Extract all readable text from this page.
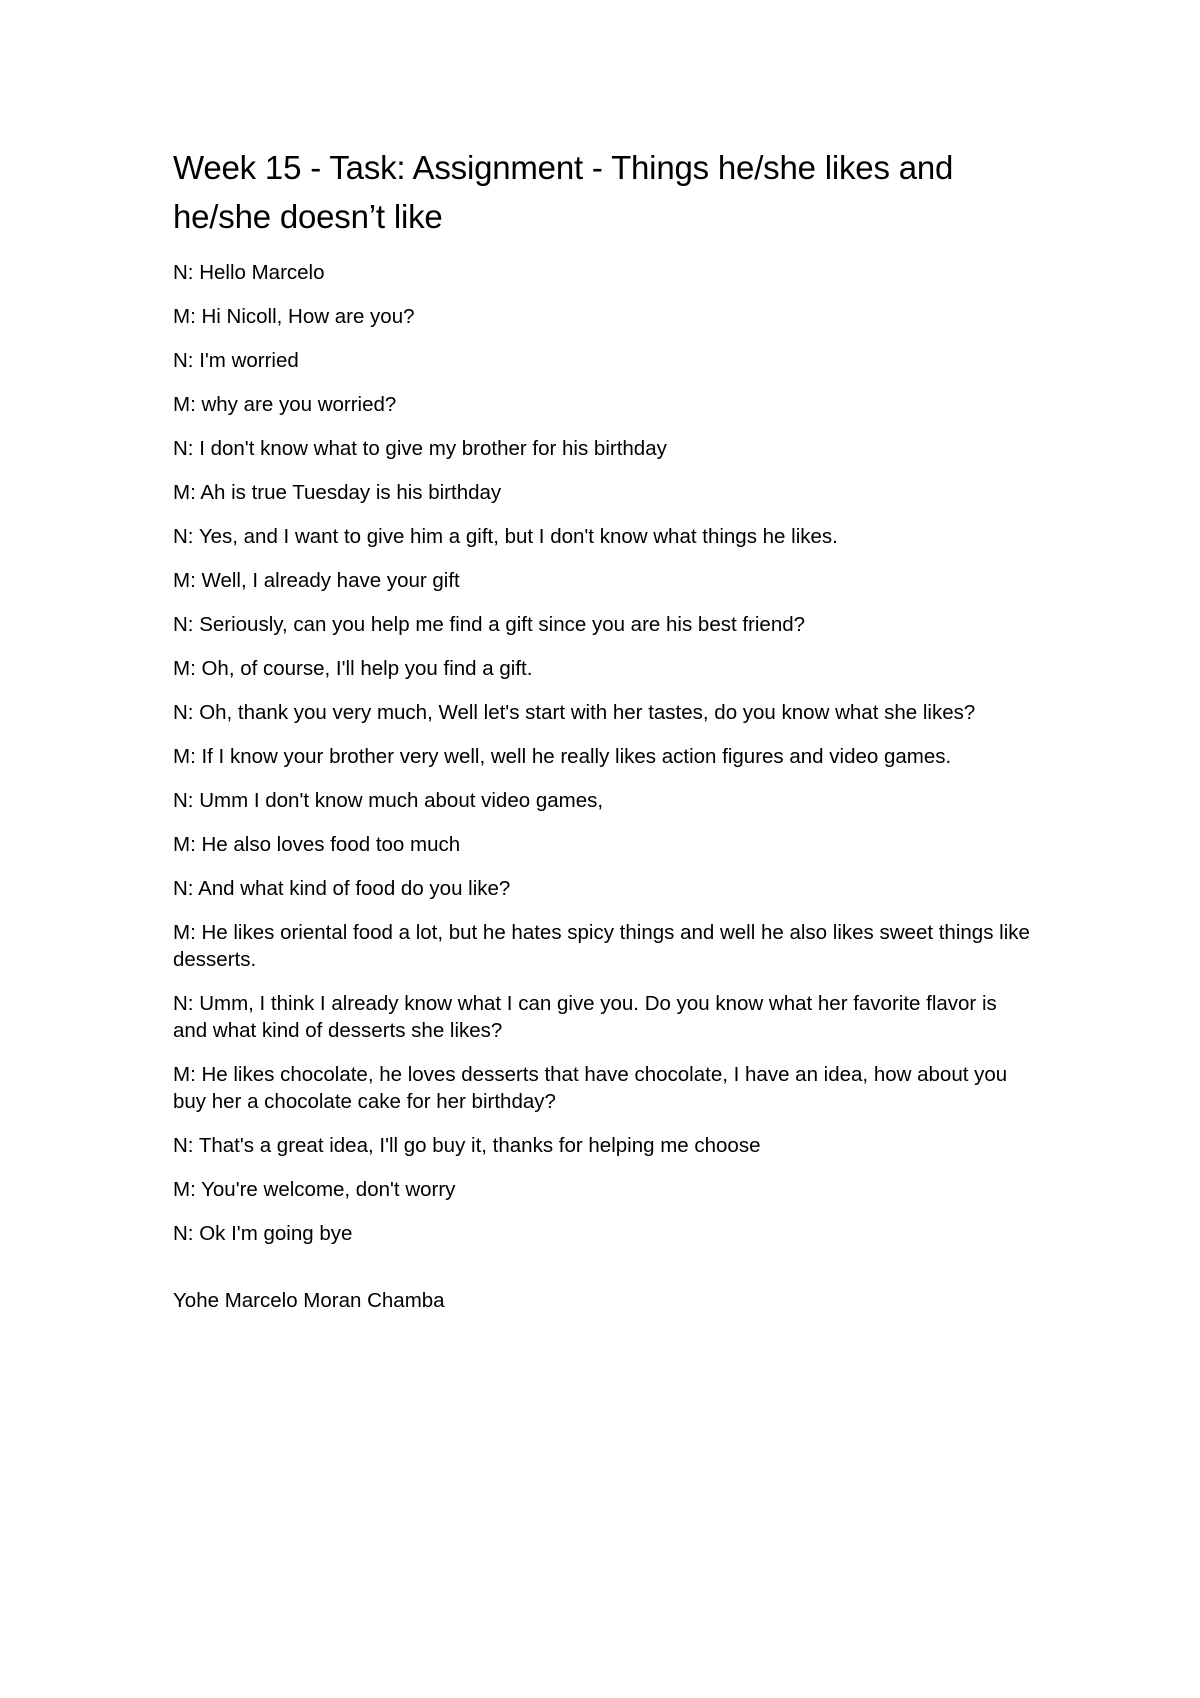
Week 15 - Task: Assignment - Things he/she likes and he/she doesn’t like
N: Hello Marcelo
M: Hi Nicoll, How are you?
N: I'm worried
M: why are you worried?
N: I don't know what to give my brother for his birthday
M: Ah is true Tuesday is his birthday
N: Yes, and I want to give him a gift, but I don't know what things he likes.
M: Well, I already have your gift
N: Seriously, can you help me find a gift since you are his best friend?
M: Oh, of course, I'll help you find a gift.
N: Oh, thank you very much, Well let's start with her tastes, do you know what she likes?
M: If I know your brother very well, well he really likes action figures and video games.
N: Umm I don't know much about video games,
M: He also loves food too much
N: And what kind of food do you like?
M: He likes oriental food a lot, but he hates spicy things and well he also likes sweet things like desserts.
N: Umm, I think I already know what I can give you. Do you know what her favorite flavor is and what kind of desserts she likes?
M: He likes chocolate, he loves desserts that have chocolate, I have an idea, how about you buy her a chocolate cake for her birthday?
N: That's a great idea, I'll go buy it, thanks for helping me choose
M: You're welcome, don't worry
N: Ok I'm going bye
Yohe Marcelo Moran Chamba
